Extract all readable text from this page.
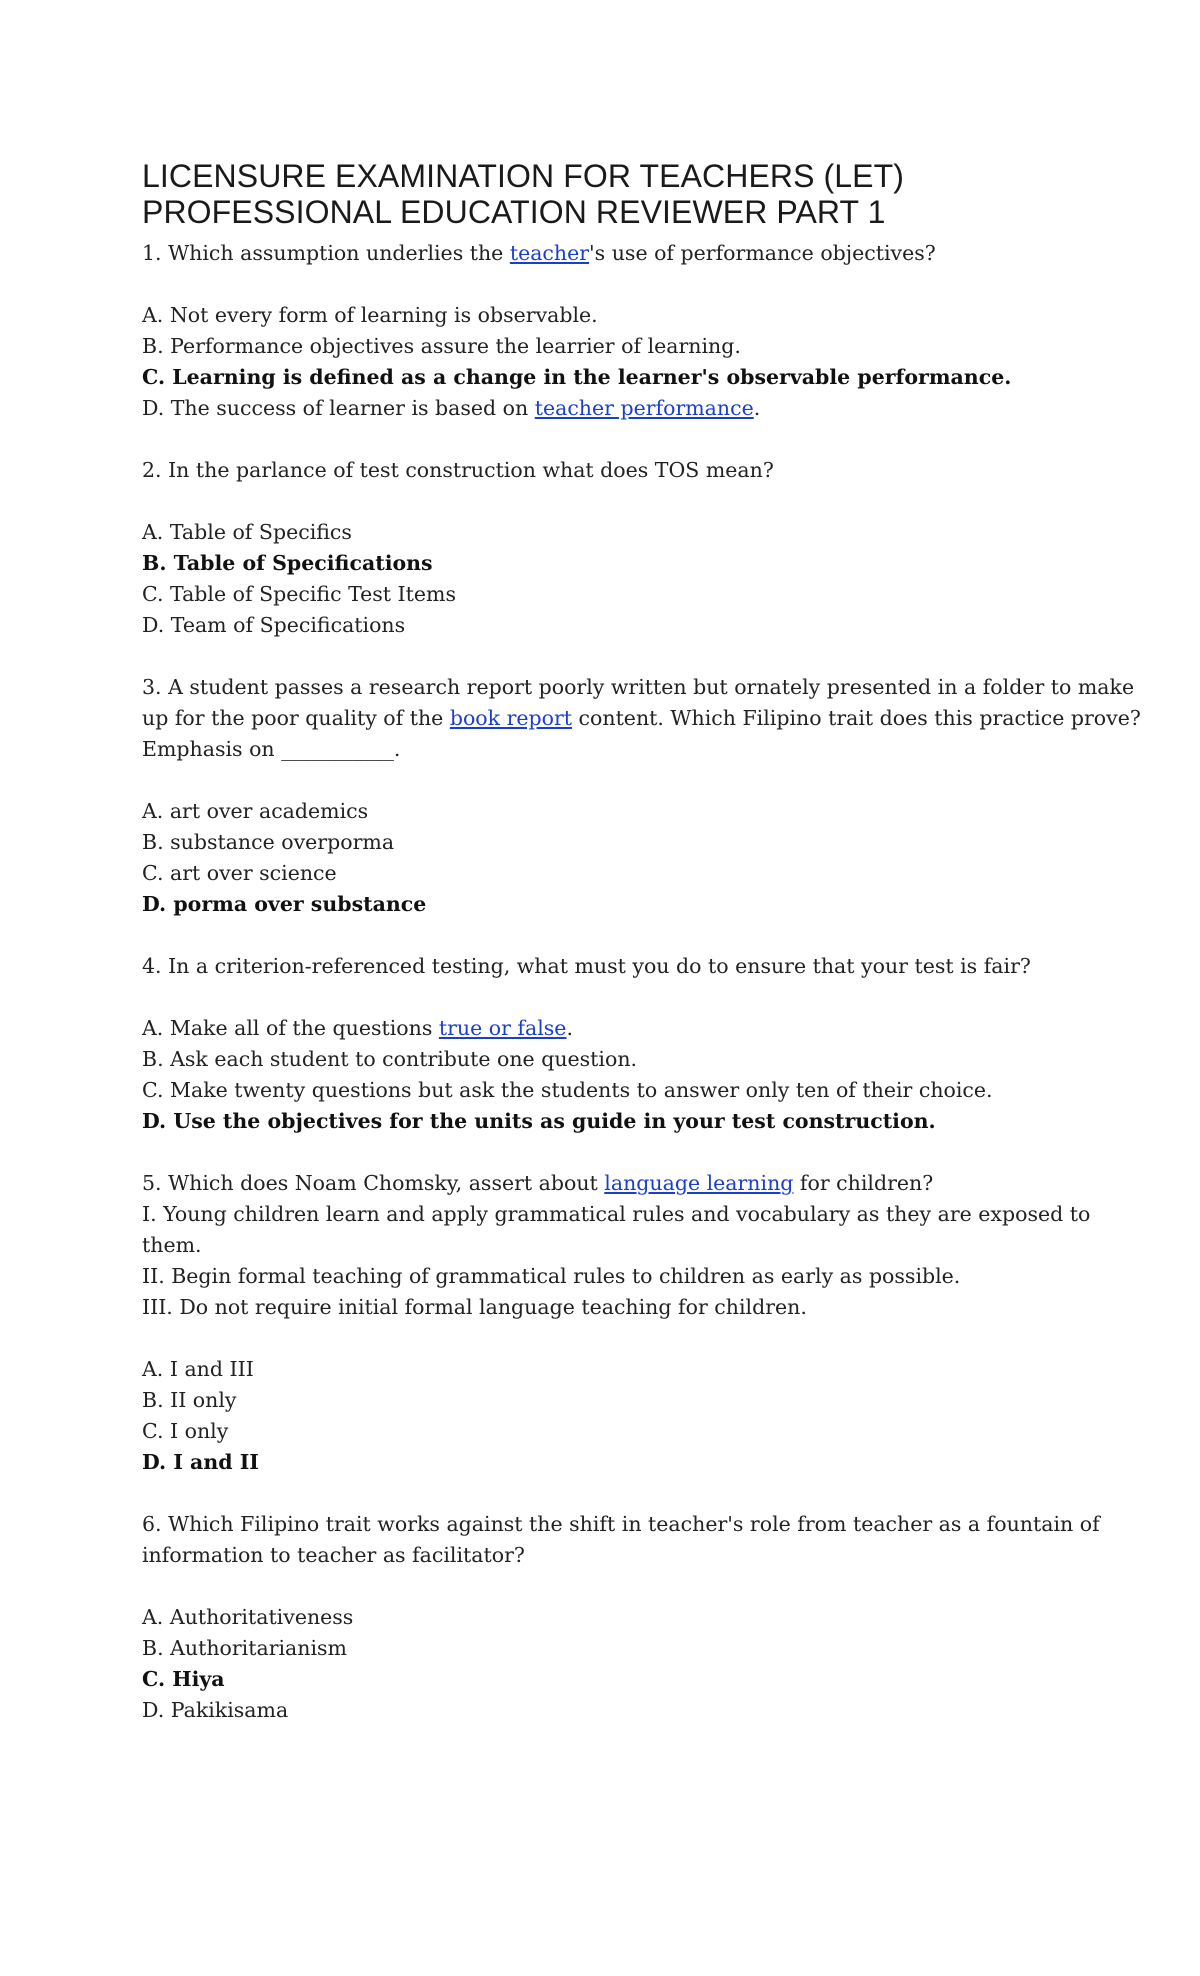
LICENSURE EXAMINATION FOR TEACHERS (LET)
PROFESSIONAL EDUCATION REVIEWER PART 1
1. Which assumption underlies the teacher's use of performance objectives?
A. Not every form of learning is observable.
B. Performance objectives assure the learrier of learning.
C. Learning is defined as a change in the learner's observable performance.
D. The success of learner is based on teacher performance.
2. In the parlance of test construction what does TOS mean?
A. Table of Specifics
B. Table of Specifications
C. Table of Specific Test Items
D. Team of Specifications
3. A student passes a research report poorly written but ornately presented in a folder to make
up for the poor quality of the book report content. Which Filipino trait does this practice prove?
Emphasis on ___________.
A. art over academics
B. substance overporma
C. art over science
D. porma over substance
4. In a criterion-referenced testing, what must you do to ensure that your test is fair?
A. Make all of the questions true or false.
B. Ask each student to contribute one question.
C. Make twenty questions but ask the students to answer only ten of their choice.
D. Use the objectives for the units as guide in your test construction.
5. Which does Noam Chomsky, assert about language learning for children?
I. Young children learn and apply grammatical rules and vocabulary as they are exposed to
them.
II. Begin formal teaching of grammatical rules to children as early as possible.
III. Do not require initial formal language teaching for children.
A. I and III
B. II only
C. I only
D. I and II
6. Which Filipino trait works against the shift in teacher's role from teacher as a fountain of
information to teacher as facilitator?
A. Authoritativeness
B. Authoritarianism
C. Hiya
D. Pakikisama
